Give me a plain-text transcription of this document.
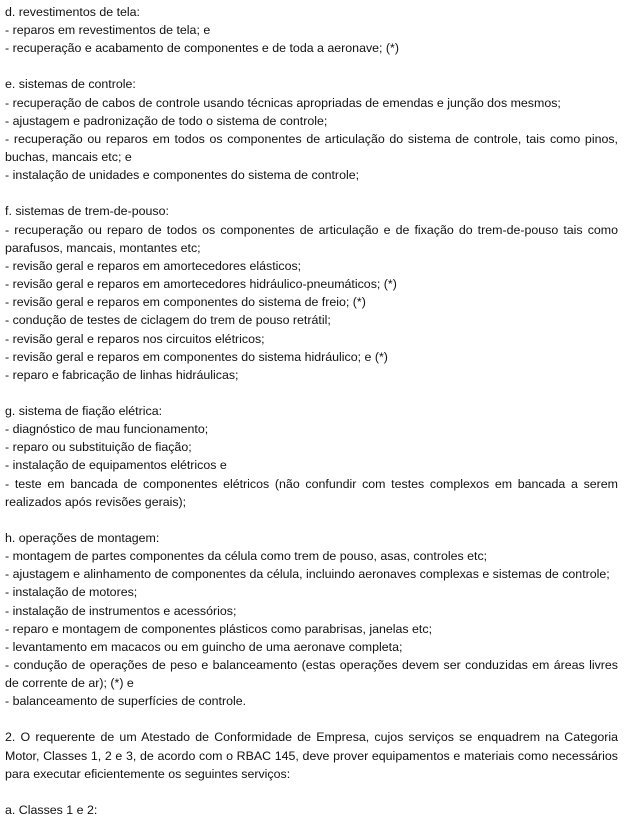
d. revestimentos de tela:
- reparos em revestimentos de tela; e
- recuperação e acabamento de componentes e de toda a aeronave; (*)
e. sistemas de controle:
- recuperação de cabos de controle usando técnicas apropriadas de emendas e junção dos mesmos;
- ajustagem e padronização de todo o sistema de controle;
- recuperação ou reparos em todos os componentes de articulação do sistema de controle, tais como pinos, buchas, mancais etc; e
- instalação de unidades e componentes do sistema de controle;
f. sistemas de trem-de-pouso:
- recuperação ou reparo de todos os componentes de articulação e de fixação do trem-de-pouso tais como parafusos, mancais, montantes etc;
- revisão geral e reparos em amortecedores elásticos;
- revisão geral e reparos em amortecedores hidráulico-pneumáticos; (*)
- revisão geral e reparos em componentes do sistema de freio; (*)
- condução de testes de ciclagem do trem de pouso retrátil;
- revisão geral e reparos nos circuitos elétricos;
- revisão geral e reparos em componentes do sistema hidráulico; e (*)
- reparo e fabricação de linhas hidráulicas;
g. sistema de fiação elétrica:
- diagnóstico de mau funcionamento;
- reparo ou substituição de fiação;
- instalação de equipamentos elétricos e
- teste em bancada de componentes elétricos (não confundir com testes complexos em bancada a serem realizados após revisões gerais);
h. operações de montagem:
- montagem de partes componentes da célula como trem de pouso, asas, controles etc;
- ajustagem e alinhamento de componentes da célula, incluindo aeronaves complexas e sistemas de controle;
- instalação de motores;
- instalação de instrumentos e acessórios;
- reparo e montagem de componentes plásticos como parabrisas, janelas etc;
- levantamento em macacos ou em guincho de uma aeronave completa;
- condução de operações de peso e balanceamento (estas operações devem ser conduzidas em áreas livres de corrente de ar); (*) e
- balanceamento de superfícies de controle.
2. O requerente de um Atestado de Conformidade de Empresa, cujos serviços se enquadrem na Categoria Motor, Classes 1, 2 e 3, de acordo com o RBAC 145, deve prover equipamentos e materiais como necessários para executar eficientemente os seguintes serviços:
a. Classes 1 e 2:
